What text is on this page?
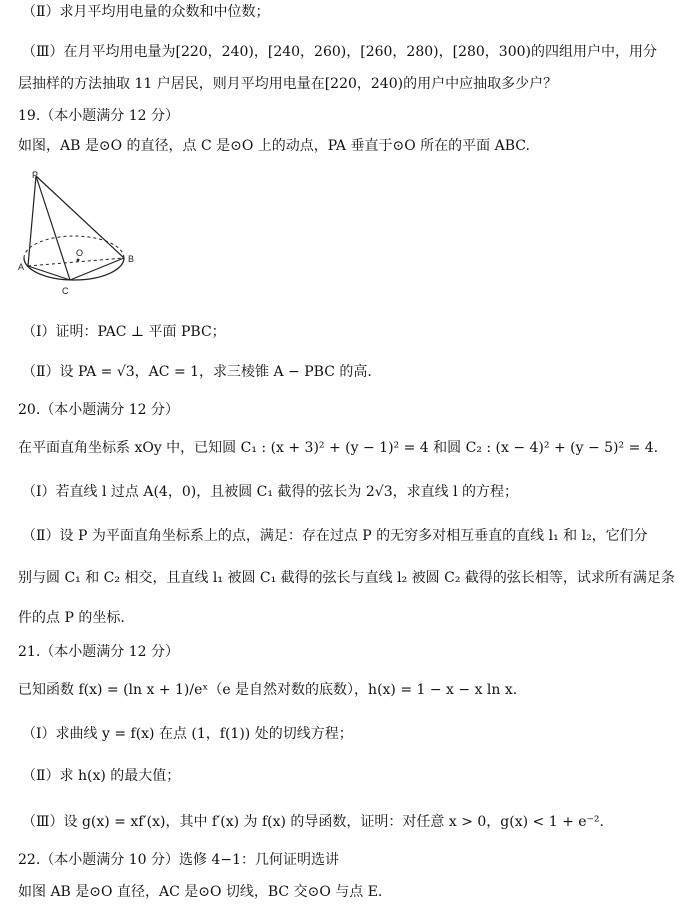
（Ⅱ）求月平均用电量的众数和中位数；
（Ⅲ）在月平均用电量为[220，240)，[240，260)，[260，280)，[280，300)的四组用户中，用分
层抽样的方法抽取 11 户居民，则月平均用电量在[220，240)的用户中应抽取多少户？
19.（本小题满分 12 分）
如图，AB 是⊙O 的直径，点 C 是⊙O 上的动点，PA 垂直于⊙O 所在的平面 ABC.
P
A
B
O
C
（Ⅰ）证明：PAC ⊥ 平面 PBC；
（Ⅱ）设 PA = √3，AC = 1，求三棱锥 A − PBC 的高.
20.（本小题满分 12 分）
在平面直角坐标系 xOy 中，已知圆 C₁ : (x + 3)² + (y − 1)² = 4 和圆 C₂ : (x − 4)² + (y − 5)² = 4.
（Ⅰ）若直线 l 过点 A(4，0)，且被圆 C₁ 截得的弦长为 2√3，求直线 l 的方程；
（Ⅱ）设 P 为平面直角坐标系上的点，满足：存在过点 P 的无穷多对相互垂直的直线 l₁ 和 l₂，它们分
别与圆 C₁ 和 C₂ 相交，且直线 l₁ 被圆 C₁ 截得的弦长与直线 l₂ 被圆 C₂ 截得的弦长相等，试求所有满足条
件的点 P 的坐标.
21.（本小题满分 12 分）
已知函数 f(x) = (ln x + 1)/eˣ（e 是自然对数的底数），h(x) = 1 − x − x ln x.
（Ⅰ）求曲线 y = f(x) 在点 (1，f(1)) 处的切线方程；
（Ⅱ）求 h(x) 的最大值；
（Ⅲ）设 g(x) = xf′(x)，其中 f′(x) 为 f(x) 的导函数，证明：对任意 x > 0，g(x) < 1 + e⁻².
22.（本小题满分 10 分）选修 4−1：几何证明选讲
如图 AB 是⊙O 直径，AC 是⊙O 切线，BC 交⊙O 与点 E.
